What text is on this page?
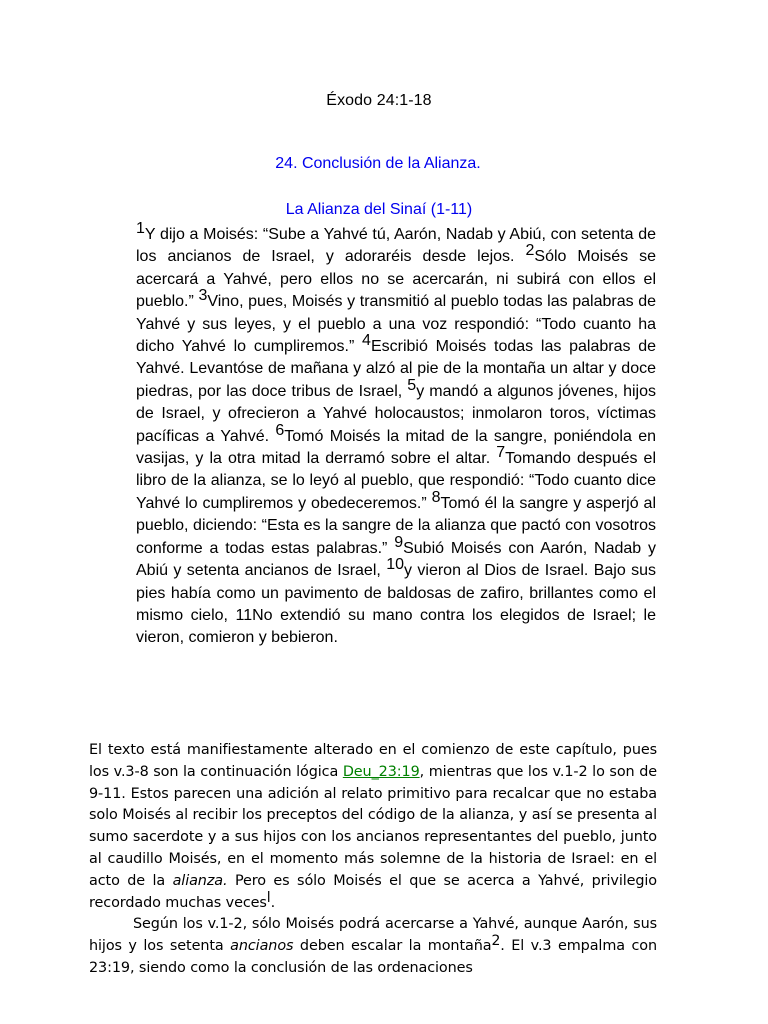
Éxodo 24:1-18
24. Conclusión de la Alianza.
La Alianza del Sinaí (1-11)
$^1$Y dijo a Moisés: “Sube a Yahvé tú, Aarón, Nadab y Abiú, con setenta de los ancianos de Israel, y adoraréis desde lejos. $^2$Sólo Moisés se acercará a Yahvé, pero ellos no se acercarán, ni subirá con ellos el pueblo.” $^3$Vino, pues, Moisés y transmitió al pueblo todas las palabras de Yahvé y sus leyes, y el pueblo a una voz respondió: “Todo cuanto ha dicho Yahvé lo cumpliremos.” $^4$Escribió Moisés todas las palabras de Yahvé. Levantóse de mañana y alzó al pie de la montaña un altar y doce piedras, por las doce tribus de Israel, $^5$y mandó a algunos jóvenes, hijos de Israel, y ofrecieron a Yahvé holocaustos; inmolaron toros, víctimas pacíficas a Yahvé. $^6$Tomó Moisés la mitad de la sangre, poniéndola en vasijas, y la otra mitad la derramó sobre el altar. $^7$Tomando después el libro de la alianza, se lo leyó al pueblo, que respondió: “Todo cuanto dice Yahvé lo cumpliremos y obedeceremos.” $^8$Tomó él la sangre y asperjó al pueblo, diciendo: “Esta es la sangre de la alianza que pactó con vosotros conforme a todas estas palabras.” $^9$Subió Moisés con Aarón, Nadab y Abiú y setenta ancianos de Israel, $^{10}$y vieron al Dios de Israel. Bajo sus pies había como un pavimento de baldosas de zafiro, brillantes como el mismo cielo, 11No extendió su mano contra los elegidos de Israel; le vieron, comieron y bebieron.

El texto está manifiestamente alterado en el comienzo de este capítulo, pues los v.3-8 son la continuación lógica Deu_23:19, mientras que los v.1-2 lo son de 9-11. Estos parecen una adición al relato primitivo para recalcar que no estaba solo Moisés al recibir los preceptos del código de la alianza, y así se presenta al sumo sacerdote y a sus hijos con los ancianos representantes del pueblo, junto al caudillo Moisés, en el momento más solemne de la historia de Israel: en el acto de la alianza. Pero es sólo Moisés el que se acerca a Yahvé, privilegio recordado muchas veces$^l$.

Según los v.1-2, sólo Moisés podrá acercarse a Yahvé, aunque Aarón, sus hijos y los setenta ancianos deben escalar la montaña$^2$. El v.3 empalma con 23:19, siendo como la conclusión de las ordenaciones
